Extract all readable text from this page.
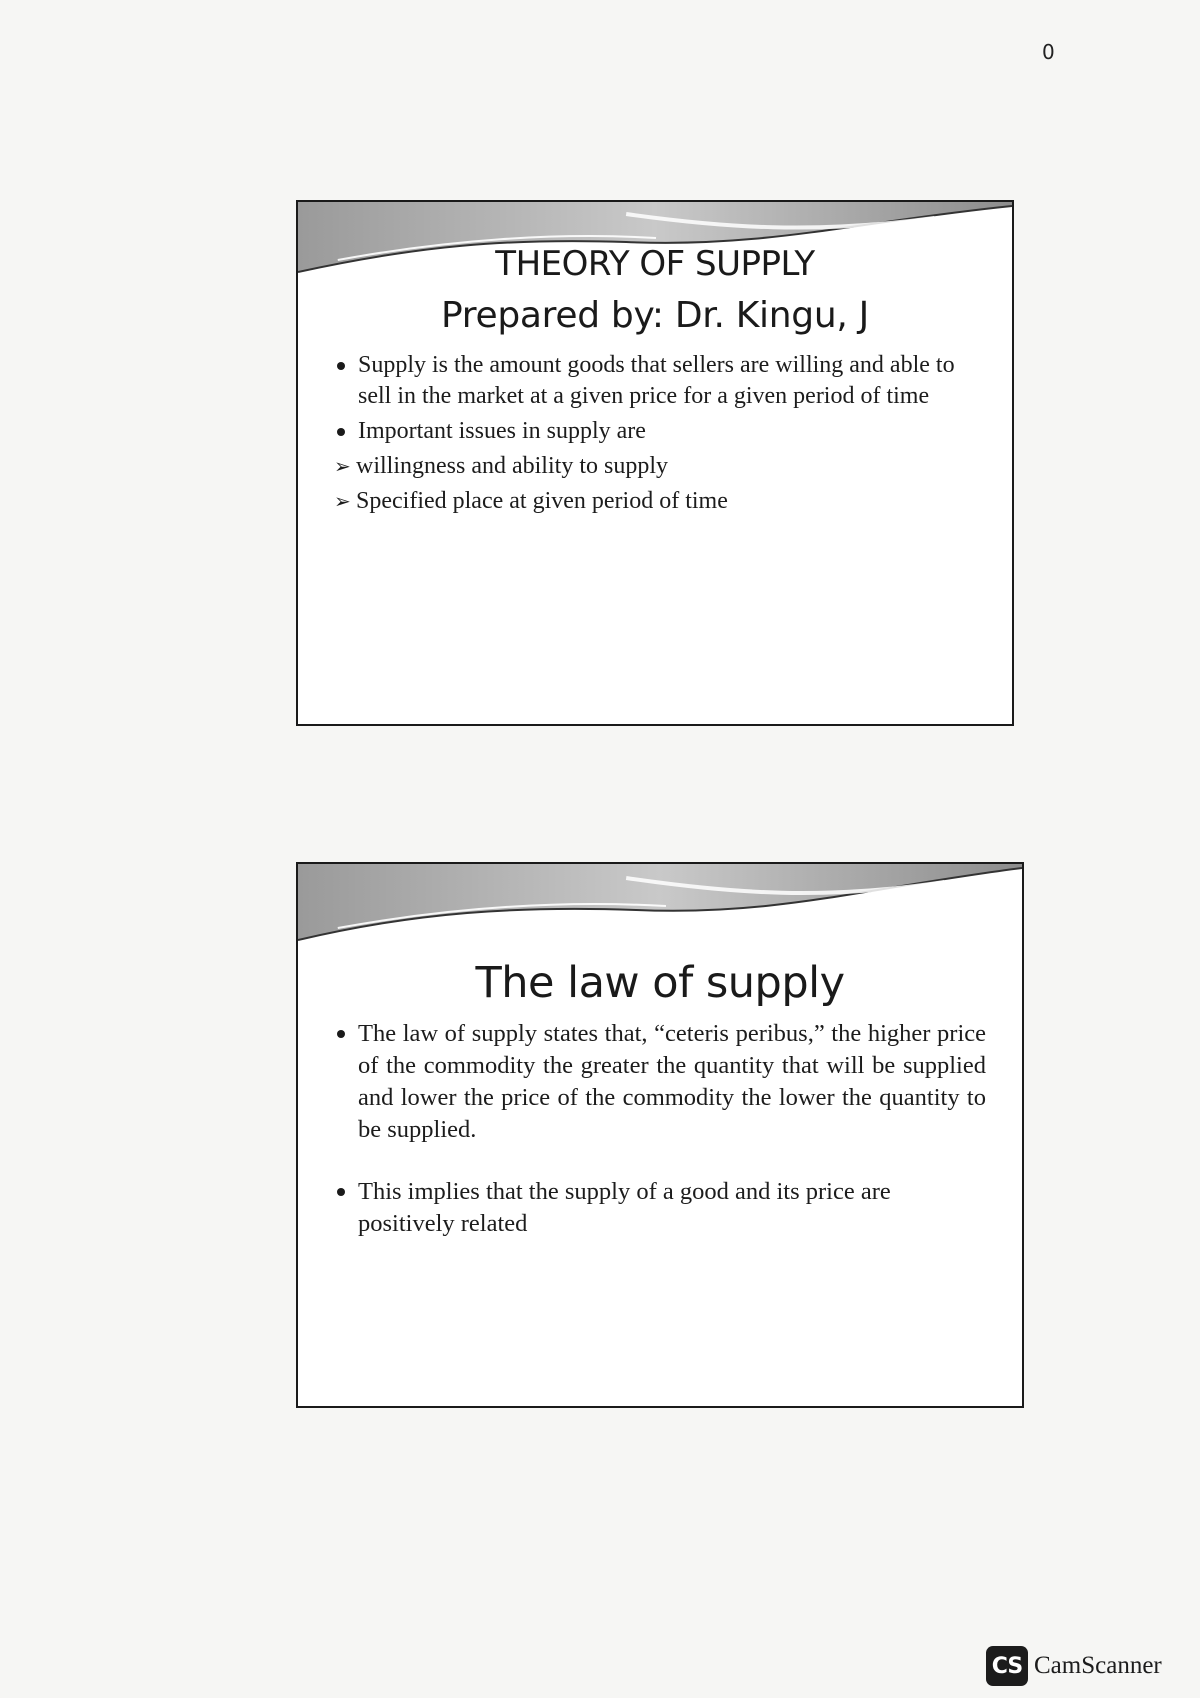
0
THEORY OF SUPPLY
Prepared by: Dr. Kingu, J
Supply is the amount goods that sellers are willing and able to sell in the market at a given price for a given period of time
Important issues in supply are
➢ willingness and ability to supply
➢ Specified place at given period of time
The law of supply
The law of supply states that, “ceteris peribus,” the higher price of the commodity the greater the quantity that will be supplied and lower the price of the commodity the lower the quantity to be supplied.
This implies that the supply of a good and its price are positively related
CS CamScanner
